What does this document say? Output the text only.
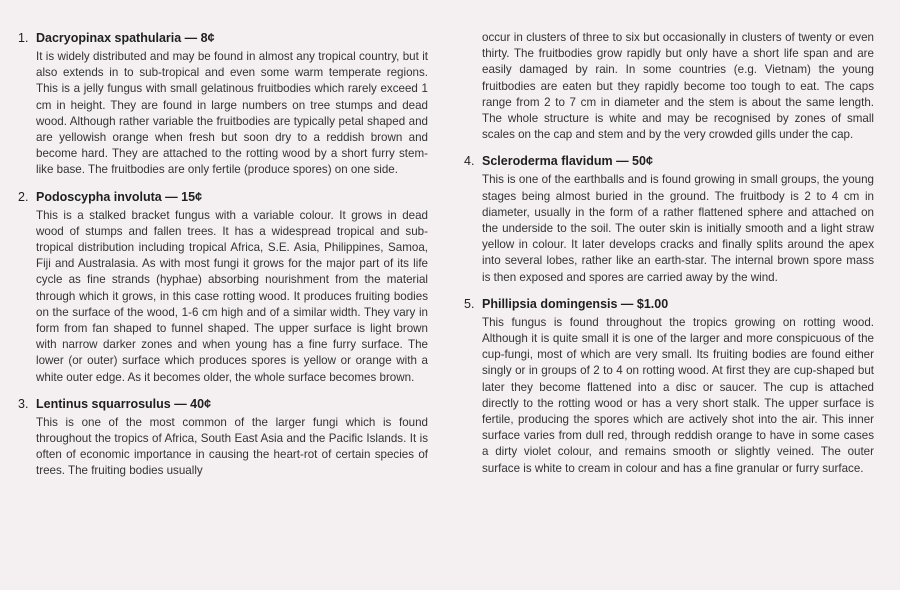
1. Dacryopinax spathularia — 8¢

It is widely distributed and may be found in almost any tropical country, but it also extends in to sub-tropical and even some warm temperate regions. This is a jelly fungus with small gelatinous fruitbodies which rarely exceed 1 cm in height. They are found in large numbers on tree stumps and dead wood. Although rather variable the fruitbodies are typically petal shaped and are yellowish orange when fresh but soon dry to a reddish brown and become hard. They are attached to the rotting wood by a short furry stem-like base. The fruitbodies are only fertile (produce spores) on one side.

2. Podoscypha involuta — 15¢

This is a stalked bracket fungus with a variable colour. It grows in dead wood of stumps and fallen trees. It has a widespread tropical and sub-tropical distribution including tropical Africa, S.E. Asia, Philippines, Samoa, Fiji and Australasia. As with most fungi it grows for the major part of its life cycle as fine strands (hyphae) absorbing nourishment from the material through which it grows, in this case rotting wood. It produces fruiting bodies on the surface of the wood, 1-6 cm high and of a similar width. They vary in form from fan shaped to funnel shaped. The upper surface is light brown with narrow darker zones and when young has a fine furry surface. The lower (or outer) surface which produces spores is yellow or orange with a white outer edge. As it becomes older, the whole surface becomes brown.

3. Lentinus squarrosulus — 40¢

This is one of the most common of the larger fungi which is found throughout the tropics of Africa, South East Asia and the Pacific Islands. It is often of economic importance in causing the heart-rot of certain species of trees. The fruiting bodies usually

occur in clusters of three to six but occasionally in clusters of twenty or even thirty. The fruitbodies grow rapidly but only have a short life span and are easily damaged by rain. In some countries (e.g. Vietnam) the young fruitbodies are eaten but they rapidly become too tough to eat. The caps range from 2 to 7 cm in diameter and the stem is about the same length. The whole structure is white and may be recognised by zones of small scales on the cap and stem and by the very crowded gills under the cap.

4. Scleroderma flavidum — 50¢

This is one of the earthballs and is found growing in small groups, the young stages being almost buried in the ground. The fruitbody is 2 to 4 cm in diameter, usually in the form of a rather flattened sphere and attached on the underside to the soil. The outer skin is initially smooth and a light straw yellow in colour. It later develops cracks and finally splits around the apex into several lobes, rather like an earth-star. The internal brown spore mass is then exposed and spores are carried away by the wind.

5. Phillipsia domingensis — $1.00

This fungus is found throughout the tropics growing on rotting wood. Although it is quite small it is one of the larger and more conspicuous of the cup-fungi, most of which are very small. Its fruiting bodies are found either singly or in groups of 2 to 4 on rotting wood. At first they are cup-shaped but later they become flattened into a disc or saucer. The cup is attached directly to the rotting wood or has a very short stalk. The upper surface is fertile, producing the spores which are actively shot into the air. This inner surface varies from dull red, through reddish orange to have in some cases a dirty violet colour, and remains smooth or slightly veined. The outer surface is white to cream in colour and has a fine granular or furry surface.
